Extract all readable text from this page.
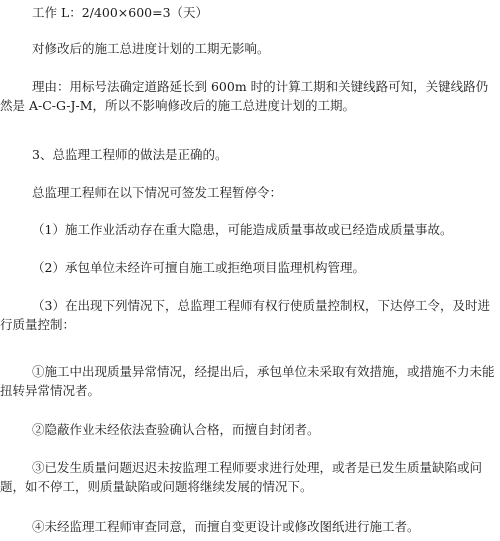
工作 L：2/400×600=3（天）
对修改后的施工总进度计划的工期无影响。
理由：用标号法确定道路延长到 600m 时的计算工期和关键线路可知，关键线路仍然是 A-C-G-J-M，所以不影响修改后的施工总进度计划的工期。
3、总监理工程师的做法是正确的。
总监理工程师在以下情况可签发工程暂停令：
（1）施工作业活动存在重大隐患，可能造成质量事故或已经造成质量事故。
（2）承包单位未经许可擅自施工或拒绝项目监理机构管理。
（3）在出现下列情况下，总监理工程师有权行使质量控制权，下达停工令，及时进行质量控制：
①施工中出现质量异常情况，经提出后，承包单位未采取有效措施，或措施不力未能扭转异常情况者。
②隐蔽作业未经依法查验确认合格，而擅自封闭者。
③已发生质量问题迟迟未按监理工程师要求进行处理，或者是已发生质量缺陷或问题，如不停工，则质量缺陷或问题将继续发展的情况下。
④未经监理工程师审查同意，而擅自变更设计或修改图纸进行施工者。
